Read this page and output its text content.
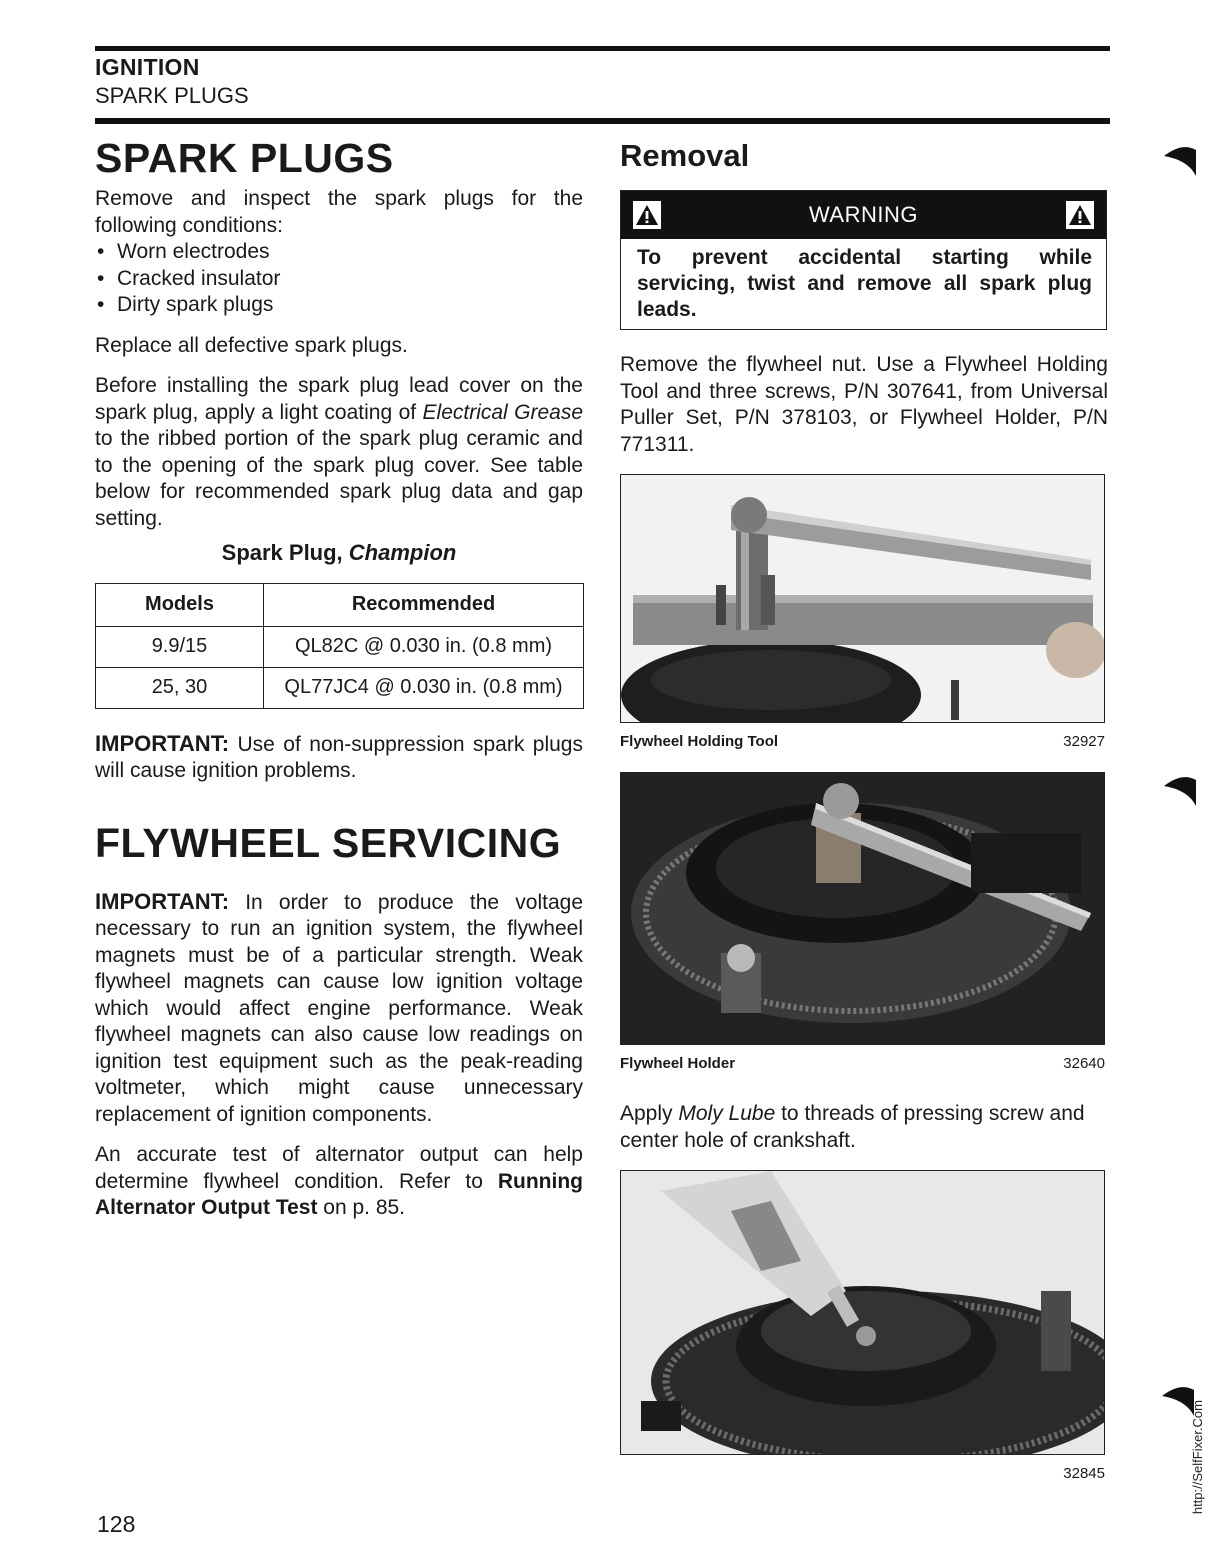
IGNITION
SPARK PLUGS
SPARK PLUGS

Remove and inspect the spark plugs for the following conditions:

• Worn electrodes
• Cracked insulator
• Dirty spark plugs

Replace all defective spark plugs.

Before installing the spark plug lead cover on the spark plug, apply a light coating of Electrical Grease to the ribbed portion of the spark plug ceramic and to the opening of the spark plug cover. See table below for recommended spark plug data and gap setting.

Spark Plug, Champion

Models	Recommended
9.9/15	QL82C @ 0.030 in. (0.8 mm)
25, 30	QL77JC4 @ 0.030 in. (0.8 mm)

IMPORTANT: Use of non-suppression spark plugs will cause ignition problems.

FLYWHEEL SERVICING

IMPORTANT: In order to produce the voltage necessary to run an ignition system, the flywheel magnets must be of a particular strength. Weak flywheel magnets can cause low ignition voltage which would affect engine performance. Weak flywheel magnets can also cause low readings on ignition test equipment such as the peak-reading voltmeter, which might cause unnecessary replacement of ignition components.

An accurate test of alternator output can help determine flywheel condition. Refer to Running Alternator Output Test on p. 85.

Removal
WARNING
To prevent accidental starting while servicing, twist and remove all spark plug leads.

Remove the flywheel nut. Use a Flywheel Holding Tool and three screws, P/N 307641, from Universal Puller Set, P/N 378103, or Flywheel Holder, P/N 771311.

Flywheel Holding Tool	32927
Flywheel Holder	32640

Apply Moly Lube to threads of pressing screw and center hole of crankshaft.

32845
128
http://SelfFixer.Com
